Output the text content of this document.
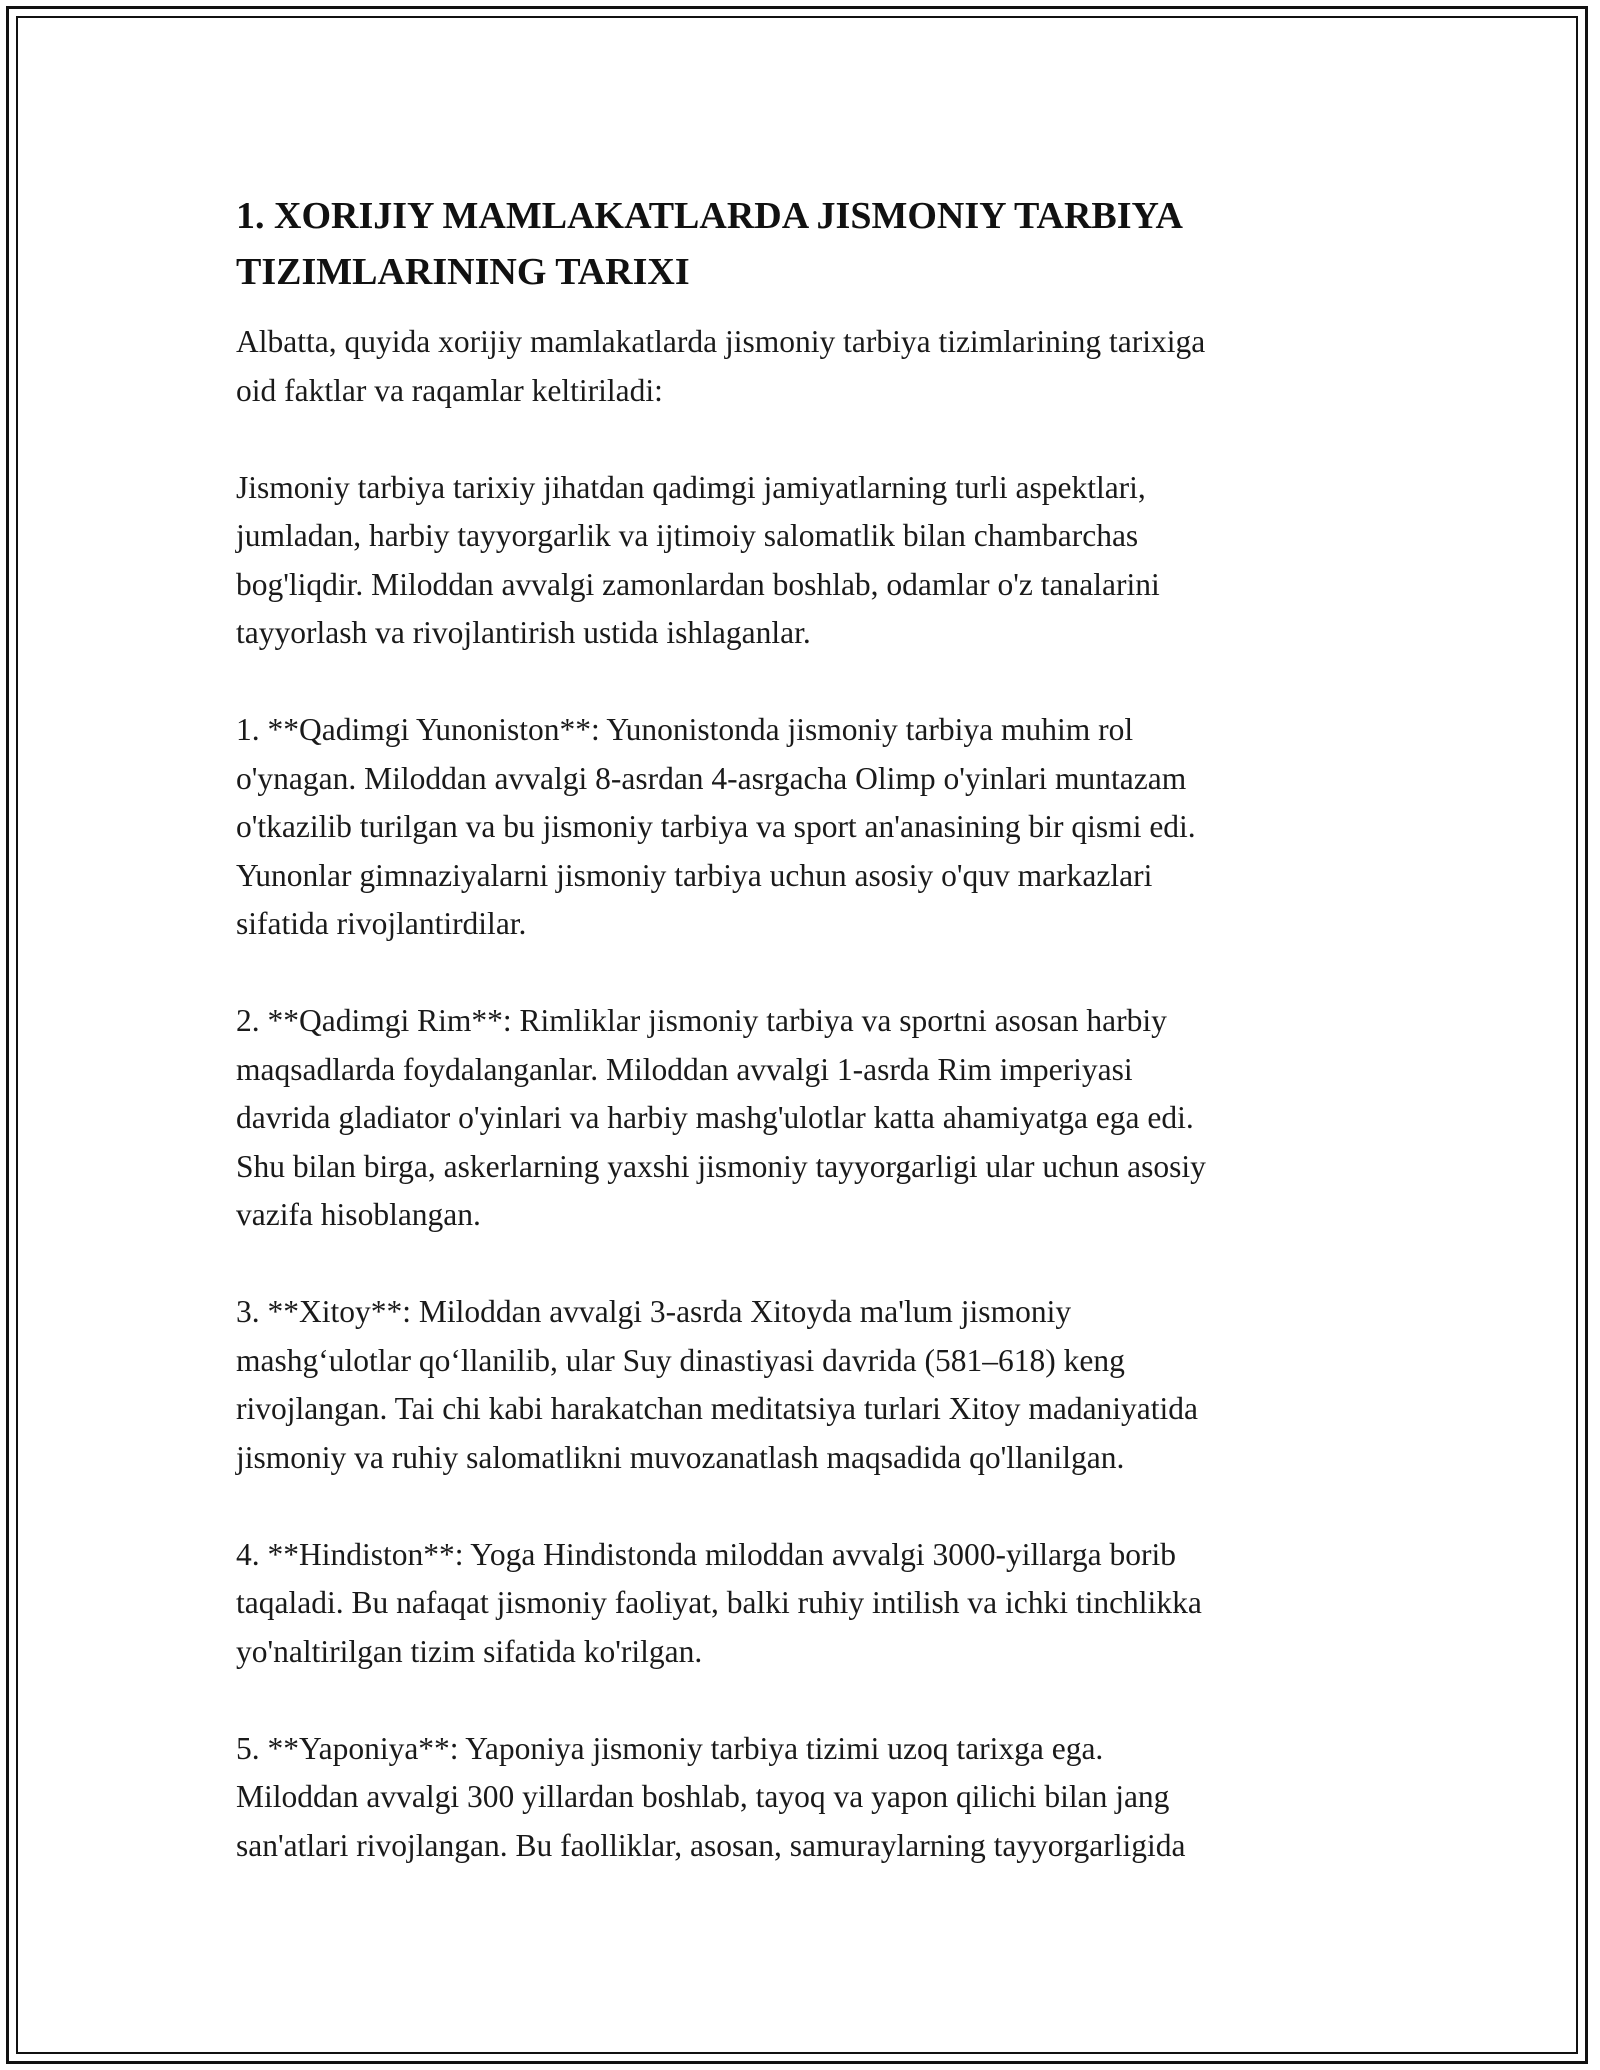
1. XORIJIY MAMLAKATLARDA JISMONIY TARBIYA
TIZIMLARINING TARIXI

Albatta, quyida xorijiy mamlakatlarda jismoniy tarbiya tizimlarining tarixiga
oid faktlar va raqamlar keltiriladi:

Jismoniy tarbiya tarixiy jihatdan qadimgi jamiyatlarning turli aspektlari,
jumladan, harbiy tayyorgarlik va ijtimoiy salomatlik bilan chambarchas
bog'liqdir. Miloddan avvalgi zamonlardan boshlab, odamlar o'z tanalarini
tayyorlash va rivojlantirish ustida ishlaganlar.

1. **Qadimgi Yunoniston**: Yunonistonda jismoniy tarbiya muhim rol
o'ynagan. Miloddan avvalgi 8-asrdan 4-asrgacha Olimp o'yinlari muntazam
o'tkazilib turilgan va bu jismoniy tarbiya va sport an'anasining bir qismi edi.
Yunonlar gimnaziyalarni jismoniy tarbiya uchun asosiy o'quv markazlari
sifatida rivojlantirdilar.

2. **Qadimgi Rim**: Rimliklar jismoniy tarbiya va sportni asosan harbiy
maqsadlarda foydalanganlar. Miloddan avvalgi 1-asrda Rim imperiyasi
davrida gladiator o'yinlari va harbiy mashg'ulotlar katta ahamiyatga ega edi.
Shu bilan birga, askerlarning yaxshi jismoniy tayyorgarligi ular uchun asosiy
vazifa hisoblangan.

3. **Xitoy**: Miloddan avvalgi 3-asrda Xitoyda ma'lum jismoniy
mashg‘ulotlar qo‘llanilib, ular Suy dinastiyasi davrida (581–618) keng
rivojlangan. Tai chi kabi harakatchan meditatsiya turlari Xitoy madaniyatida
jismoniy va ruhiy salomatlikni muvozanatlash maqsadida qo'llanilgan.

4. **Hindiston**: Yoga Hindistonda miloddan avvalgi 3000-yillarga borib
taqaladi. Bu nafaqat jismoniy faoliyat, balki ruhiy intilish va ichki tinchlikka
yo'naltirilgan tizim sifatida ko'rilgan.

5. **Yaponiya**: Yaponiya jismoniy tarbiya tizimi uzoq tarixga ega.
Miloddan avvalgi 300 yillardan boshlab, tayoq va yapon qilichi bilan jang
san'atlari rivojlangan. Bu faolliklar, asosan, samuraylarning tayyorgarligida
